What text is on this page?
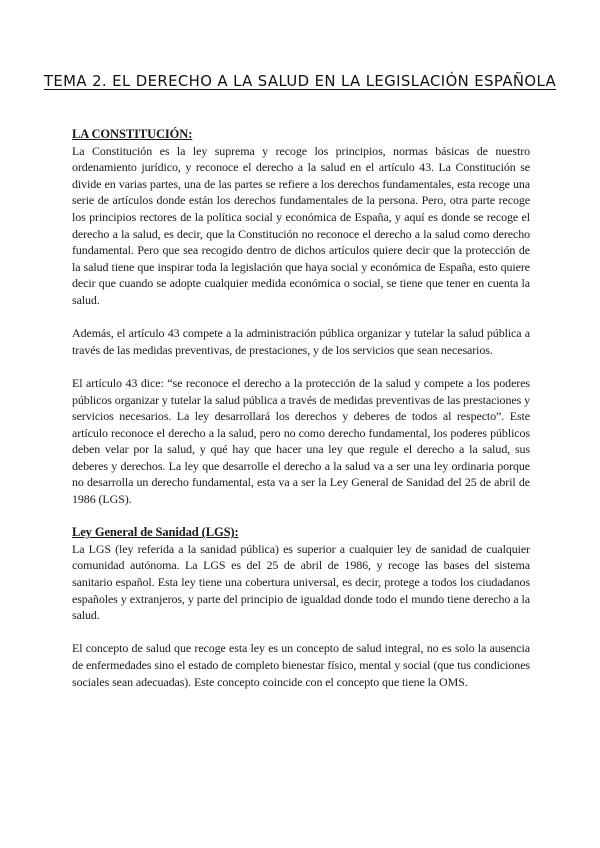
TEMA 2. EL DERECHO A LA SALUD EN LA LEGISLACIÓN ESPAÑOLA
LA CONSTITUCIÓN:

La Constitución es la ley suprema y recoge los principios, normas básicas de nuestro ordenamiento jurídico, y reconoce el derecho a la salud en el artículo 43. La Constitución se divide en varias partes, una de las partes se refiere a los derechos fundamentales, esta recoge una serie de artículos donde están los derechos fundamentales de la persona. Pero, otra parte recoge los principios rectores de la política social y económica de España, y aquí es donde se recoge el derecho a la salud, es decir, que la Constitución no reconoce el derecho a la salud como derecho fundamental. Pero que sea recogido dentro de dichos artículos quiere decir que la protección de la salud tiene que inspirar toda la legislación que haya social y económica de España, esto quiere decir que cuando se adopte cualquier medida económica o social, se tiene que tener en cuenta la salud.

Además, el artículo 43 compete a la administración pública organizar y tutelar la salud pública a través de las medidas preventivas, de prestaciones, y de los servicios que sean necesarios.

El artículo 43 dice: “se reconoce el derecho a la protección de la salud y compete a los poderes públicos organizar y tutelar la salud pública a través de medidas preventivas de las prestaciones y servicios necesarios. La ley desarrollará los derechos y deberes de todos al respecto”. Este artículo reconoce el derecho a la salud, pero no como derecho fundamental, los poderes públicos deben velar por la salud, y qué hay que hacer una ley que regule el derecho a la salud, sus deberes y derechos. La ley que desarrolle el derecho a la salud va a ser una ley ordinaria porque no desarrolla un derecho fundamental, esta va a ser la Ley General de Sanidad del 25 de abril de 1986 (LGS).

Ley General de Sanidad (LGS):

La LGS (ley referida a la sanidad pública) es superior a cualquier ley de sanidad de cualquier comunidad autónoma. La LGS es del 25 de abril de 1986, y recoge las bases del sistema sanitario español. Esta ley tiene una cobertura universal, es decir, protege a todos los ciudadanos españoles y extranjeros, y parte del principio de igualdad donde todo el mundo tiene derecho a la salud.

El concepto de salud que recoge esta ley es un concepto de salud integral, no es solo la ausencia de enfermedades sino el estado de completo bienestar físico, mental y social (que tus condiciones sociales sean adecuadas). Este concepto coincide con el concepto que tiene la OMS.
